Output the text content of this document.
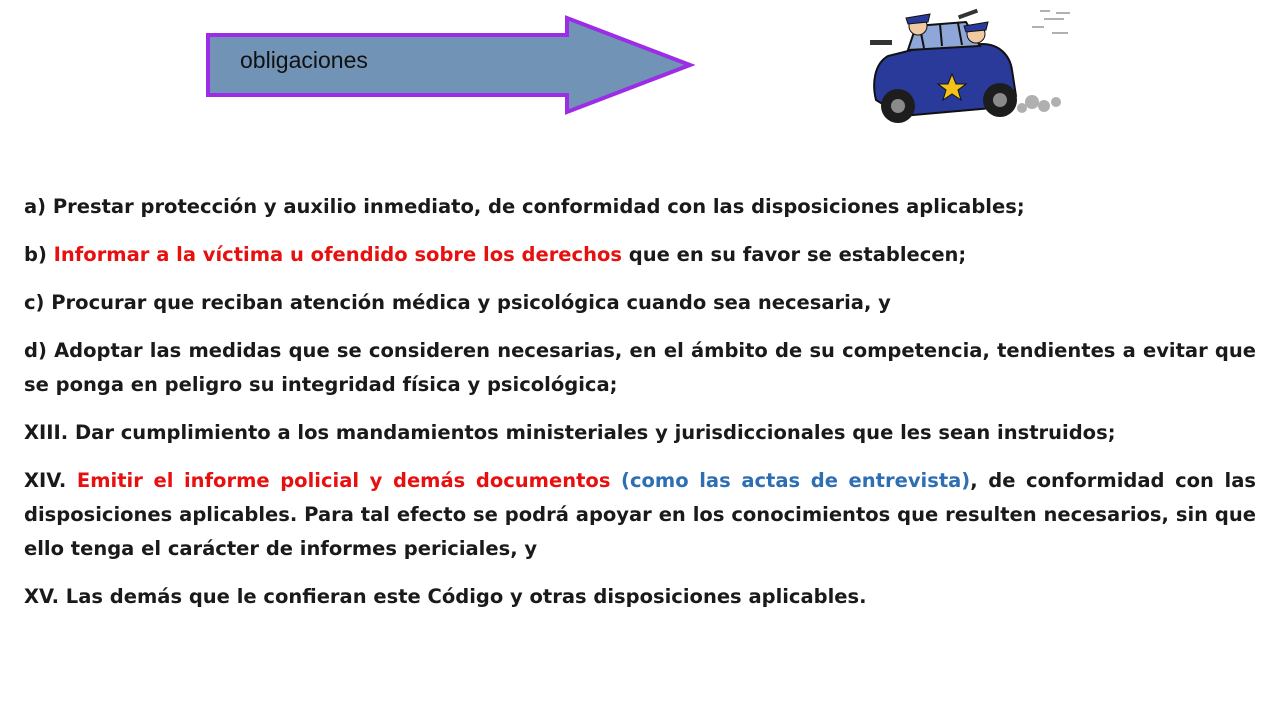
obligaciones
a) Prestar protección y auxilio inmediato, de conformidad con las disposiciones aplicables;
b) Informar a la víctima u ofendido sobre los derechos que en su favor se establecen;
c) Procurar que reciban atención médica y psicológica cuando sea necesaria, y
d) Adoptar las medidas que se consideren necesarias, en el ámbito de su competencia, tendientes a evitar que se ponga en peligro su integridad física y psicológica;
XIII. Dar cumplimiento a los mandamientos ministeriales y jurisdiccionales que les sean instruidos;
XIV. Emitir el informe policial y demás documentos (como las actas de entrevista), de conformidad con las disposiciones aplicables. Para tal efecto se podrá apoyar en los conocimientos que resulten necesarios, sin que ello tenga el carácter de informes periciales, y
XV. Las demás que le confieran este Código y otras disposiciones aplicables.
